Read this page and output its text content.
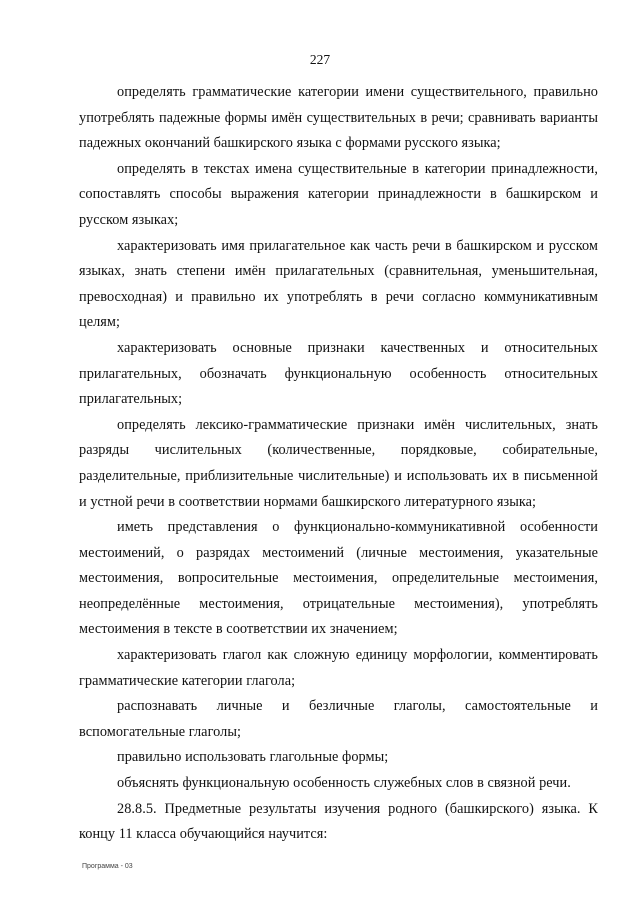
227

определять грамматические категории имени существительного, правильно употреблять падежные формы имён существительных в речи; сравнивать варианты падежных окончаний башкирского языка с формами русского языка;

определять в текстах имена существительные в категории принадлежности, сопоставлять способы выражения категории принадлежности в башкирском и русском языках;

характеризовать имя прилагательное как часть речи в башкирском и русском языках, знать степени имён прилагательных (сравнительная, уменьшительная, превосходная) и правильно их употреблять в речи согласно коммуникативным целям;

характеризовать основные признаки качественных и относительных прилагательных, обозначать функциональную особенность относительных прилагательных;

определять лексико-грамматические признаки имён числительных, знать разряды числительных (количественные, порядковые, собирательные, разделительные, приблизительные числительные) и использовать их в письменной и устной речи в соответствии нормами башкирского литературного языка;

иметь представления о функционально-коммуникативной особенности местоимений, о разрядах местоимений (личные местоимения, указательные местоимения, вопросительные местоимения, определительные местоимения, неопределённые местоимения, отрицательные местоимения), употреблять местоимения в тексте в соответствии их значением;

характеризовать глагол как сложную единицу морфологии, комментировать грамматические категории глагола;

распознавать личные и безличные глаголы, самостоятельные и вспомогательные глаголы;

правильно использовать глагольные формы;

объяснять функциональную особенность служебных слов в связной речи.

28.8.5. Предметные результаты изучения родного (башкирского) языка. К концу 11 класса обучающийся научится:

Программа - 03
